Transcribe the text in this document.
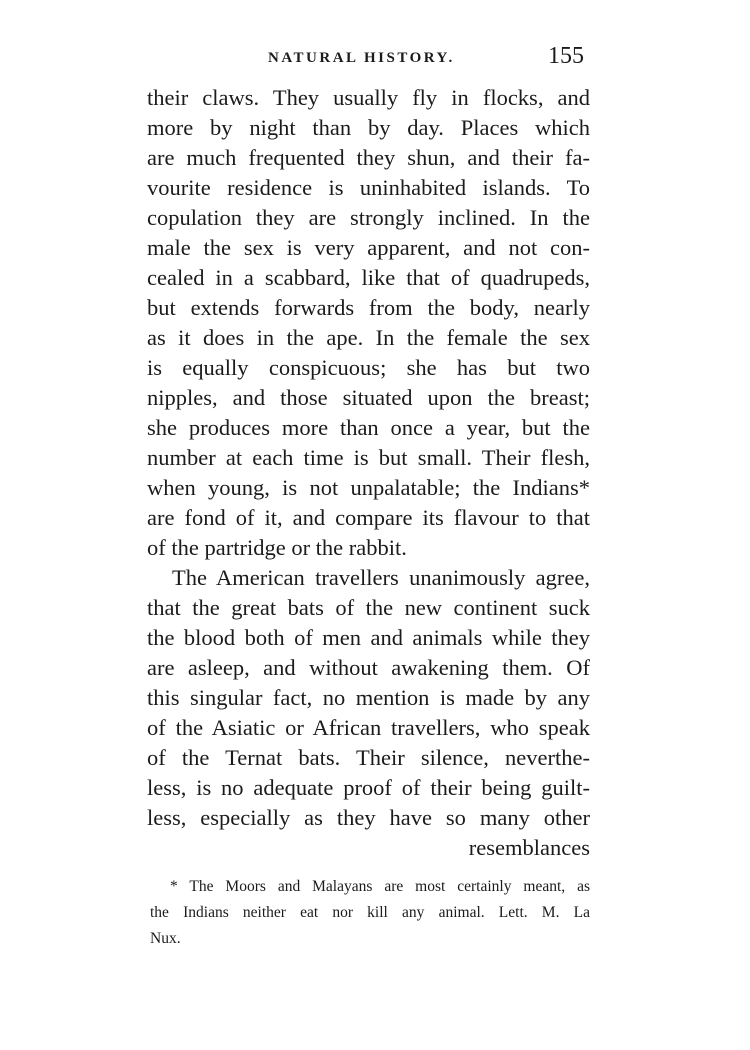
NATURAL HISTORY.	155
their claws. They usually fly in flocks, and
more by night than by day. Places which
are much frequented they shun, and their fa-
vourite residence is uninhabited islands. To
copulation they are strongly inclined. In the
male the sex is very apparent, and not con-
cealed in a scabbard, like that of quadrupeds,
but extends forwards from the body, nearly
as it does in the ape. In the female the sex
is equally conspicuous; she has but two
nipples, and those situated upon the breast;
she produces more than once a year, but the
number at each time is but small. Their flesh,
when young, is not unpalatable; the Indians*
are fond of it, and compare its flavour to that
of the partridge or the rabbit.
The American travellers unanimously agree,
that the great bats of the new continent suck
the blood both of men and animals while they
are asleep, and without awakening them. Of
this singular fact, no mention is made by any
of the Asiatic or African travellers, who speak
of the Ternat bats. Their silence, neverthe-
less, is no adequate proof of their being guilt-
less, especially as they have so many other
resemblances
* The Moors and Malayans are most certainly meant, as
the Indians neither eat nor kill any animal. Lett. M. La
Nux.
